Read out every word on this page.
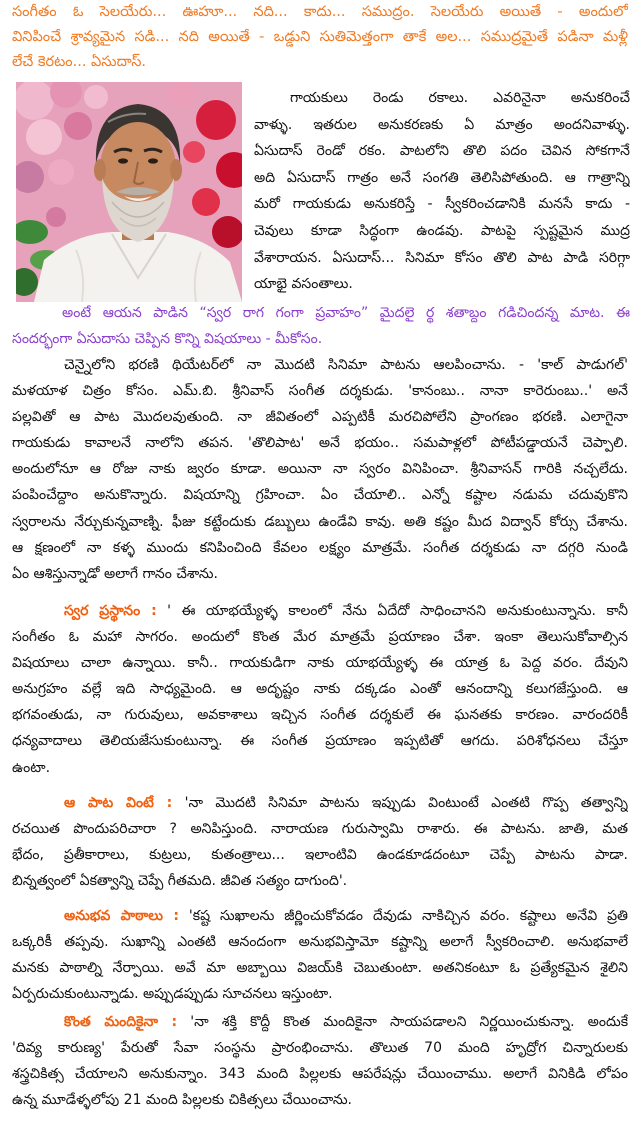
సంగీతం ఓ సెలయేరు... ఊహూ... నది... కాదు... సముద్రం. సెలయేరు అయితే - అందులో
వినిపించే శ్రావ్యమైన సడి... నది అయితే - ఒడ్డుని సుతిమెత్తంగా తాకే అల... సముద్రమైతే పడినా మళ్లీ
లేచే కెరటం... ఏసుదాస్.
గాయకులు రెండు రకాలు. ఎవరినైనా అనుకరించే
వాళ్ళు. ఇతరుల అనుకరణకు ఏ మాత్రం అందనివాళ్ళు.
ఏసుదాస్ రెండో రకం. పాటలోని తొలి పదం చెవిన సోకగానే
అది ఏసుదాస్ గాత్రం అనే సంగతి తెలిసిపోతుంది. ఆ గాత్రాన్ని
మరో గాయకుడు అనుకరిస్తే - స్వీకరించడానికి మనసే కాదు -
చెవులు కూడా సిద్ధంగా ఉండవు. పాటపై స్పష్టమైన ముద్ర
వేశారాయన. ఏసుదాస్... సినిమా కోసం తొలి పాట పాడి సరిగ్గా
యాభై వసంతాలు.
అంటే ఆయన పాడిన “స్వర రాగ గంగా ప్రవాహం” మైదలై ర్థ శతాబ్దం గడిచిందన్న మాట. ఈ
సందర్భంగా ఏసుదాసు చెప్పిన కొన్ని విషయాలు - మీకోసం.
చెన్నైలోని భరణి థియేటర్‌లో నా మొదటి సినిమా పాటను ఆలపించాను. - 'కాల్ పాడుగల్'
మళయాళ చిత్రం కోసం. ఎమ్.బి. శ్రీనివాస్ సంగీత దర్శకుడు. 'కానంబు.. నానా కారెరుంబు..' అనే
పల్లవితో ఆ పాట మొదలవుతుంది. నా జీవితంలో ఎప్పటికీ మరచిపోలేని ప్రాంగణం భరణి. ఎలాగైనా
గాయకుడు కావాలనే నాలోని తపన. 'తొలిపాట' అనే భయం.. సమపాళ్లలో పోటీపడ్డాయనే చెప్పాలి.
అందులోనూ ఆ రోజు నాకు జ్వరం కూడా. అయినా నా స్వరం వినిపించా. శ్రీనివాసన్ గారికి నచ్చలేదు.
పంపించేద్దాం అనుకొన్నారు. విషయాన్ని గ్రహించా. ఏం చేయాలి.. ఎన్నో కష్టాల నడుమ చదువుకొని
స్వరాలను నేర్చుకున్నవాణ్ని. ఫీజు కట్టేందుకు డబ్బులు ఉండేవి కావు. అతి కష్టం మీద విద్వాన్ కోర్సు చేశాను.
ఆ క్షణంలో నా కళ్ళ ముందు కనిపించింది కేవలం లక్ష్యం మాత్రమే. సంగీత దర్శకుడు నా దగ్గరి నుండి
ఏం ఆశిస్తున్నాడో అలాగే గానం చేశాను.
స్వర ప్రస్థానం : ' ఈ యాభయ్యేళ్ళ కాలంలో నేను ఏదేదో సాధించానని అనుకుంటున్నాను. కానీ
సంగీతం ఓ మహా సాగరం. అందులో కొంత మేర మాత్రమే ప్రయాణం చేశా. ఇంకా తెలుసుకోవాల్సిన
విషయాలు చాలా ఉన్నాయి. కానీ.. గాయకుడిగా నాకు యాభయ్యేళ్ళ ఈ యాత్ర ఓ పెద్ద వరం. దేవుని
అనుగ్రహం వల్లే ఇది సాధ్యమైంది. ఆ అదృష్టం నాకు దక్కడం ఎంతో ఆనందాన్ని కలుగజేస్తుంది. ఆ
భగవంతుడు, నా గురువులు, అవకాశాలు ఇచ్చిన సంగీత దర్శకులే ఈ ఘనతకు కారణం. వారందరికీ
ధన్యవాదాలు తెలియజేసుకుంటున్నా. ఈ సంగీత ప్రయాణం ఇప్పటితో ఆగదు. పరిశోధనలు చేస్తూ
ఉంటా.
ఆ పాట వింటే : 'నా మొదటి సినిమా పాటను ఇప్పుడు వింటుంటే ఎంతటి గొప్ప తత్వాన్ని
రచయిత పొందుపరిచారా ? అనిపిస్తుంది. నారాయణ గురుస్వామి రాశారు. ఈ పాటను. జాతి, మత
భేదం, ప్రతీకారాలు, కుట్రలు, కుతంత్రాలు... ఇలాంటివి ఉండకూడదంటూ చెప్పే పాటను పాడా.
బిన్నత్వంలో ఏకత్వాన్ని చెప్పే గీతమది. జీవిత సత్యం దాగుంది'.
అనుభవ పాఠాలు : 'కష్ట సుఖాలను జీర్ణించుకోవడం దేవుడు నాకిచ్చిన వరం. కష్టాలు అనేవి ప్రతి
ఒక్కరికీ తప్పవు. సుఖాన్ని ఎంతటి ఆనందంగా అనుభవిస్తామో కష్టాన్ని అలాగే స్వీకరించాలి. అనుభవాలే
మనకు పాఠాల్ని నేర్పాయి. అవే మా అబ్బాయి విజయ్‌కి చెబుతుంటా. అతనికంటూ ఓ ప్రత్యేకమైన శైలిని
ఏర్పరుచుకుంటున్నాడు. అప్పుడప్పుడు సూచనలు ఇస్తుంటా.
కొంత మందికైనా : 'నా శక్తి కొద్దీ కొంత మందికైనా సాయపడాలని నిర్ణయించుకున్నా. అందుకే
'దివ్య కారుణ్య' పేరుతో సేవా సంస్థను ప్రారంభించాను. తొలుత 70 మంది హృద్రోగ చిన్నారులకు
శస్త్రచికిత్స చేయాలని అనుకున్నాం. 343 మంది పిల్లలకు ఆపరేషన్లు చేయించాము. అలాగే వినికిడి లోపం
ఉన్న మూడేళ్ళలోపు 21 మంది పిల్లలకు చికిత్సలు చేయించాను.
